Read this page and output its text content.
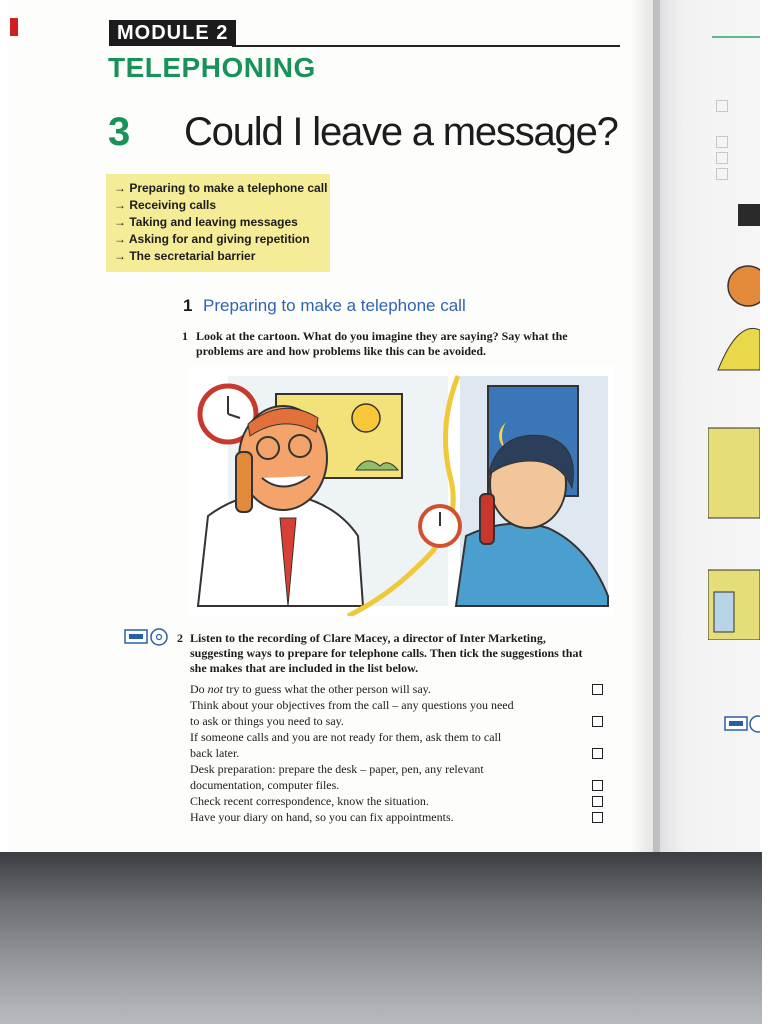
MODULE 2
TELEPHONING
3 Could I leave a message?
→ Preparing to make a telephone call
→ Receiving calls
→ Taking and leaving messages
→ Asking for and giving repetition
→ The secretarial barrier
1 Preparing to make a telephone call
1 Look at the cartoon. What do you imagine they are saying? Say what the problems are and how problems like this can be avoided.
2 Listen to the recording of Clare Macey, a director of Inter Marketing, suggesting ways to prepare for telephone calls. Then tick the suggestions that she makes that are included in the list below.
Do not try to guess what the other person will say.
Think about your objectives from the call – any questions you need to ask or things you need to say.
If someone calls and you are not ready for them, ask them to call back later.
Desk preparation: prepare the desk – paper, pen, any relevant documentation, computer files.
Check recent correspondence, know the situation.
Have your diary on hand, so you can fix appointments.
